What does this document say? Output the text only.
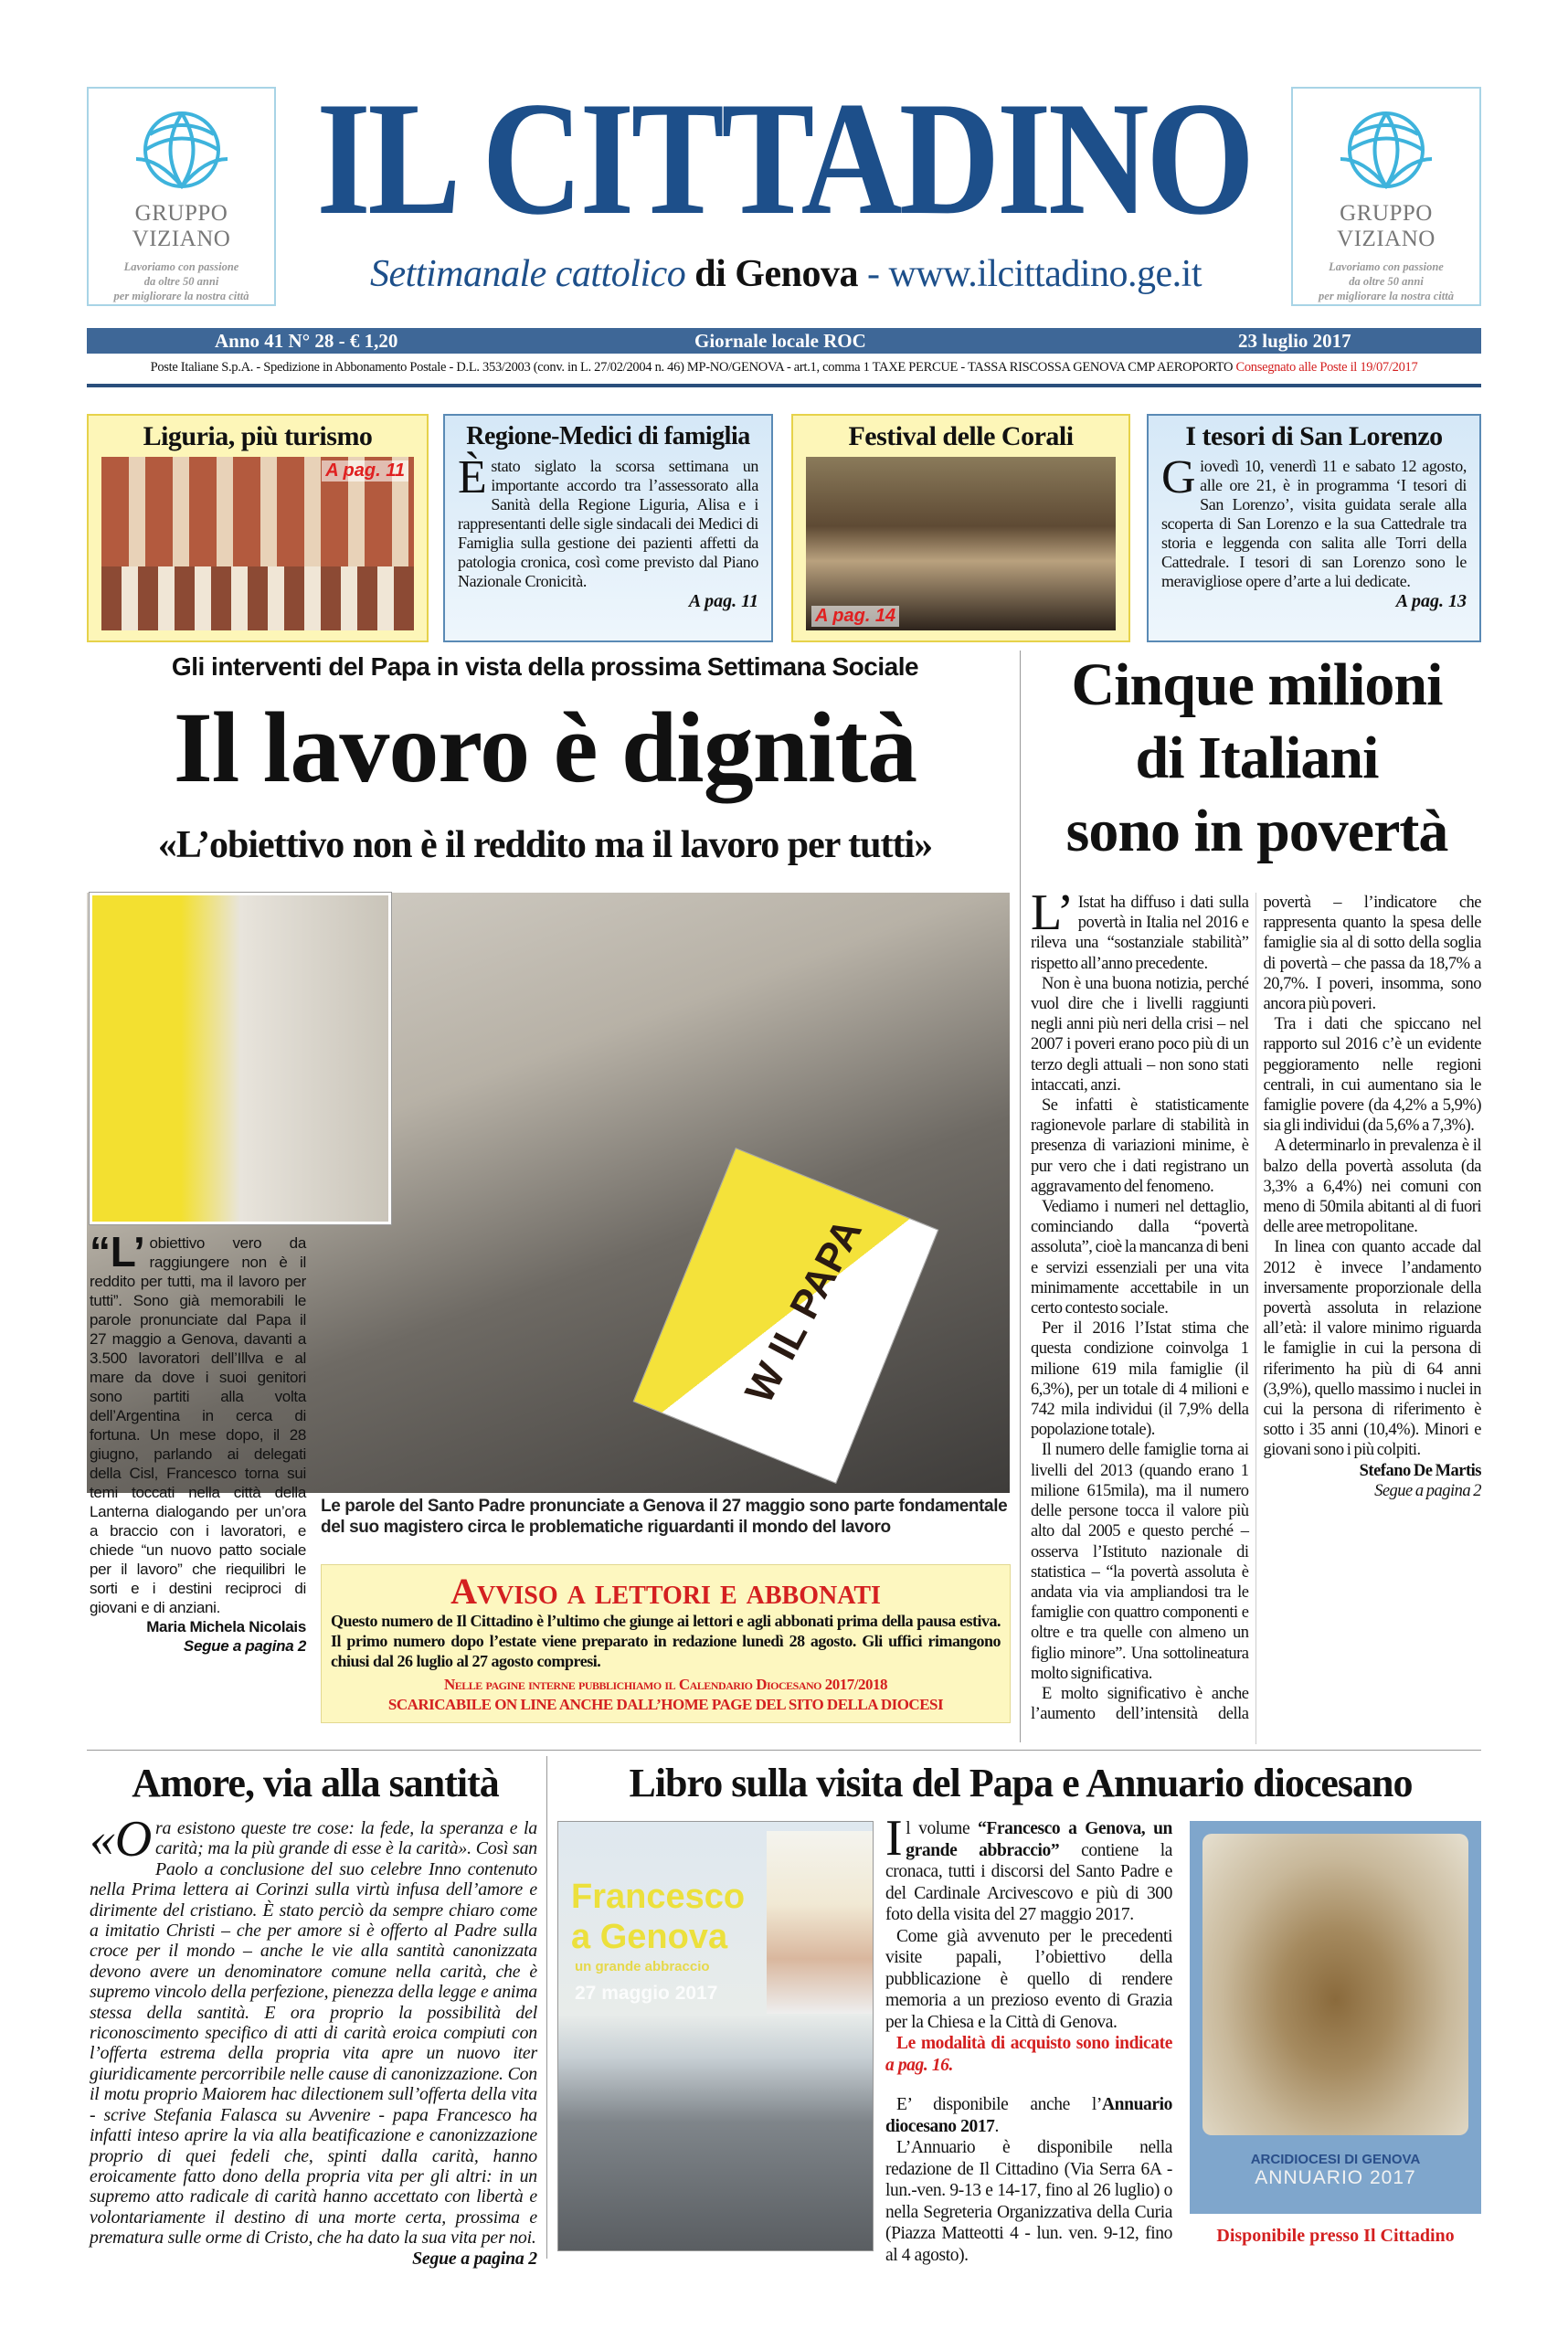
GRUPPO VIZIANO
Lavoriamo con passione
da oltre 50 anni
per migliorare la nostra città
GRUPPO VIZIANO
Lavoriamo con passione
da oltre 50 anni
per migliorare la nostra città
IL CITTADINO
Settimanale cattolico di Genova - www.ilcittadino.ge.it
Anno 41 N° 28 - € 1,20	Giornale locale ROC	23 luglio 2017
Poste Italiane S.p.A. - Spedizione in Abbonamento Postale - D.L. 353/2003 (conv. in L. 27/02/2004 n. 46) MP-NO/GENOVA - art.1, comma 1 TAXE PERCUE - TASSA RISCOSSA GENOVA CMP AEROPORTO Consegnato alle Poste il 19/07/2017
Liguria, più turismo
A pag. 11
Regione-Medici di famiglia

Èstato siglato la scorsa settimana un importante accordo tra l’assessorato alla Sanità della Regione Liguria, Alisa e i rappresentanti delle sigle sindacali dei Medici di Famiglia sulla gestione dei pazienti affetti da patologia cronica, così come previsto dal Piano Nazionale Cronicità.

A pag. 11
Festival delle Corali
A pag. 14
I tesori di San Lorenzo

Giovedì 10, venerdì 11 e sabato 12 agosto, alle ore 21, è in programma ‘I tesori di San Lorenzo’, visita guidata serale alla scoperta di San Lorenzo e la sua Cattedrale tra storia e leggenda con salita alle Torri della Cattedrale. I tesori di san Lorenzo sono le meravigliose opere d’arte a lui dedicate.

A pag. 13
Gli interventi del Papa in vista della prossima Settimana Sociale
Il lavoro è dignità
«L’obiettivo non è il reddito ma il lavoro per tutti»
W IL PAPA

“L’ obiettivo vero da raggiungere non è il reddito per tutti, ma il lavoro per tutti”. Sono già memorabili le parole pronunciate dal Papa il 27 maggio a Genova, davanti a 3.500 lavoratori dell’Illva e al mare da dove i suoi genitori sono partiti alla volta dell’Argentina in cerca di fortuna. Un mese dopo, il 28 giugno, parlando ai delegati della Cisl, Francesco torna sui temi toccati nella città della Lanterna dialogando per un’ora a braccio con i lavoratori, e chiede “un nuovo patto sociale per il lavoro” che riequilibri le sorti e i destini reciproci di giovani e di anziani.

Maria Michela Nicolais

Segue a pagina 2

Le parole del Santo Padre pronunciate a Genova il 27 maggio sono parte fondamentale del suo magistero circa le problematiche riguardanti il mondo del lavoro
Avviso a lettori e abbonati

Questo numero de Il Cittadino è l’ultimo che giunge ai lettori e agli abbonati prima della pausa estiva. Il primo numero dopo l’estate viene preparato in redazione lunedì 28 agosto. Gli uffici rimangono chiusi dal 26 luglio al 27 agosto compresi.

Nelle pagine interne pubblichiamo il Calendario Diocesano 2017/2018

SCARICABILE ON LINE ANCHE DALL’HOME PAGE DEL SITO DELLA DIOCESI

Cinque milioni
di Italiani
sono in povertà

L’ Istat ha diffuso i dati sulla povertà in Italia nel 2016 e rileva una “sostanziale stabilità” rispetto all’anno precedente.

Non è una buona notizia, perché vuol dire che i livelli raggiunti negli anni più neri della crisi – nel 2007 i poveri erano poco più di un terzo degli attuali – non sono stati intaccati, anzi.

Se infatti è statisticamente ragionevole parlare di stabilità in presenza di variazioni minime, è pur vero che i dati registrano un aggravamento del fenomeno.

Vediamo i numeri nel dettaglio, cominciando dalla “povertà assoluta”, cioè la mancanza di beni e servizi essenziali per una vita minimamente accettabile in un certo contesto sociale.

Per il 2016 l’Istat stima che questa condizione coinvolga 1 milione 619 mila famiglie (il 6,3%), per un totale di 4 milioni e 742 mila individui (il 7,9% della popolazione totale).

Il numero delle famiglie torna ai livelli del 2013 (quando erano 1 milione 615mila), ma il numero delle persone tocca il valore più alto dal 2005 e questo perché – osserva l’Istituto nazionale di statistica – “la povertà assoluta è andata via via ampliandosi tra le famiglie con quattro componenti e oltre e tra quelle con almeno un figlio minore”. Una sottolineatura molto significativa.

E molto significativo è anche l’aumento dell’intensità della povertà – l’indicatore che rappresenta quanto la spesa delle famiglie sia al di sotto della soglia di povertà – che passa da 18,7% a 20,7%. I poveri, insomma, sono ancora più poveri.

Tra i dati che spiccano nel rapporto sul 2016 c’è un evidente peggioramento nelle regioni centrali, in cui aumentano sia le famiglie povere (da 4,2% a 5,9%) sia gli individui (da 5,6% a 7,3%).

A determinarlo in prevalenza è il balzo della povertà assoluta (da 3,3% a 6,4%) nei comuni con meno di 50mila abitanti al di fuori delle aree metropolitane.

In linea con quanto accade dal 2012 è invece l’andamento inversamente proporzionale della povertà assoluta in relazione all’età: il valore minimo riguarda le famiglie in cui la persona di riferimento ha più di 64 anni (3,9%), quello massimo i nuclei in cui la persona di riferimento è sotto i 35 anni (10,4%). Minori e giovani sono i più colpiti.

Stefano De Martis

Segue a pagina 2

Amore, via alla santità

«Ora esistono queste tre cose: la fede, la speranza e la carità; ma la più grande di esse è la carità». Così san Paolo a conclusione del suo celebre Inno contenuto nella Prima lettera ai Corinzi sulla virtù infusa dell’amore e dirimente del cristiano. È stato perciò da sempre chiaro come a imitatio Christi – che per amore si è offerto al Padre sulla croce per il mondo – anche le vie alla santità canonizzata devono avere un denominatore comune nella carità, che è supremo vincolo della perfezione, pienezza della legge e anima stessa della santità. E ora proprio la possibilità del riconoscimento specifico di atti di carità eroica compiuti con l’offerta estrema della propria vita apre un nuovo iter giuridicamente percorribile nelle cause di canonizzazione. Con il motu proprio Maiorem hac dilectionem sull’offerta della vita - scrive Stefania Falasca su Avvenire - papa Francesco ha infatti inteso aprire la via alla beatificazione e canonizzazione proprio di quei fedeli che, spinti dalla carità, hanno eroicamente fatto dono della propria vita per gli altri: in un supremo atto radicale di carità hanno accettato con libertà e volontariamente il destino di una morte certa, prossima e prematura sulle orme di Cristo, che ha dato la sua vita per noi.

Segue a pagina 2

Libro sulla visita del Papa e Annuario diocesano
Francesco
a Genova
un grande abbraccio
27 maggio 2017

Il volume “Francesco a Genova, un grande abbraccio” contiene la cronaca, tutti i discorsi del Santo Padre e del Cardinale Arcivescovo e più di 300 foto della visita del 27 maggio 2017.

Come già avvenuto per le precedenti visite papali, l’obiettivo della pubblicazione è quello di rendere memoria a un prezioso evento di Grazia per la Chiesa e la Città di Genova.

Le modalità di acquisto sono indicate a pag. 16.

E’ disponibile anche l’Annuario diocesano 2017.

L’Annuario è disponibile nella redazione de Il Cittadino (Via Serra 6A - lun.-ven. 9-13 e 14-17, fino al 26 luglio) o nella Segreteria Organizzativa della Curia (Piazza Matteotti 4 - lun. ven. 9-12, fino al 4 agosto).

ARCIDIOCESI DI GENOVA
ANNUARIO 2017
Disponibile presso Il Cittadino
